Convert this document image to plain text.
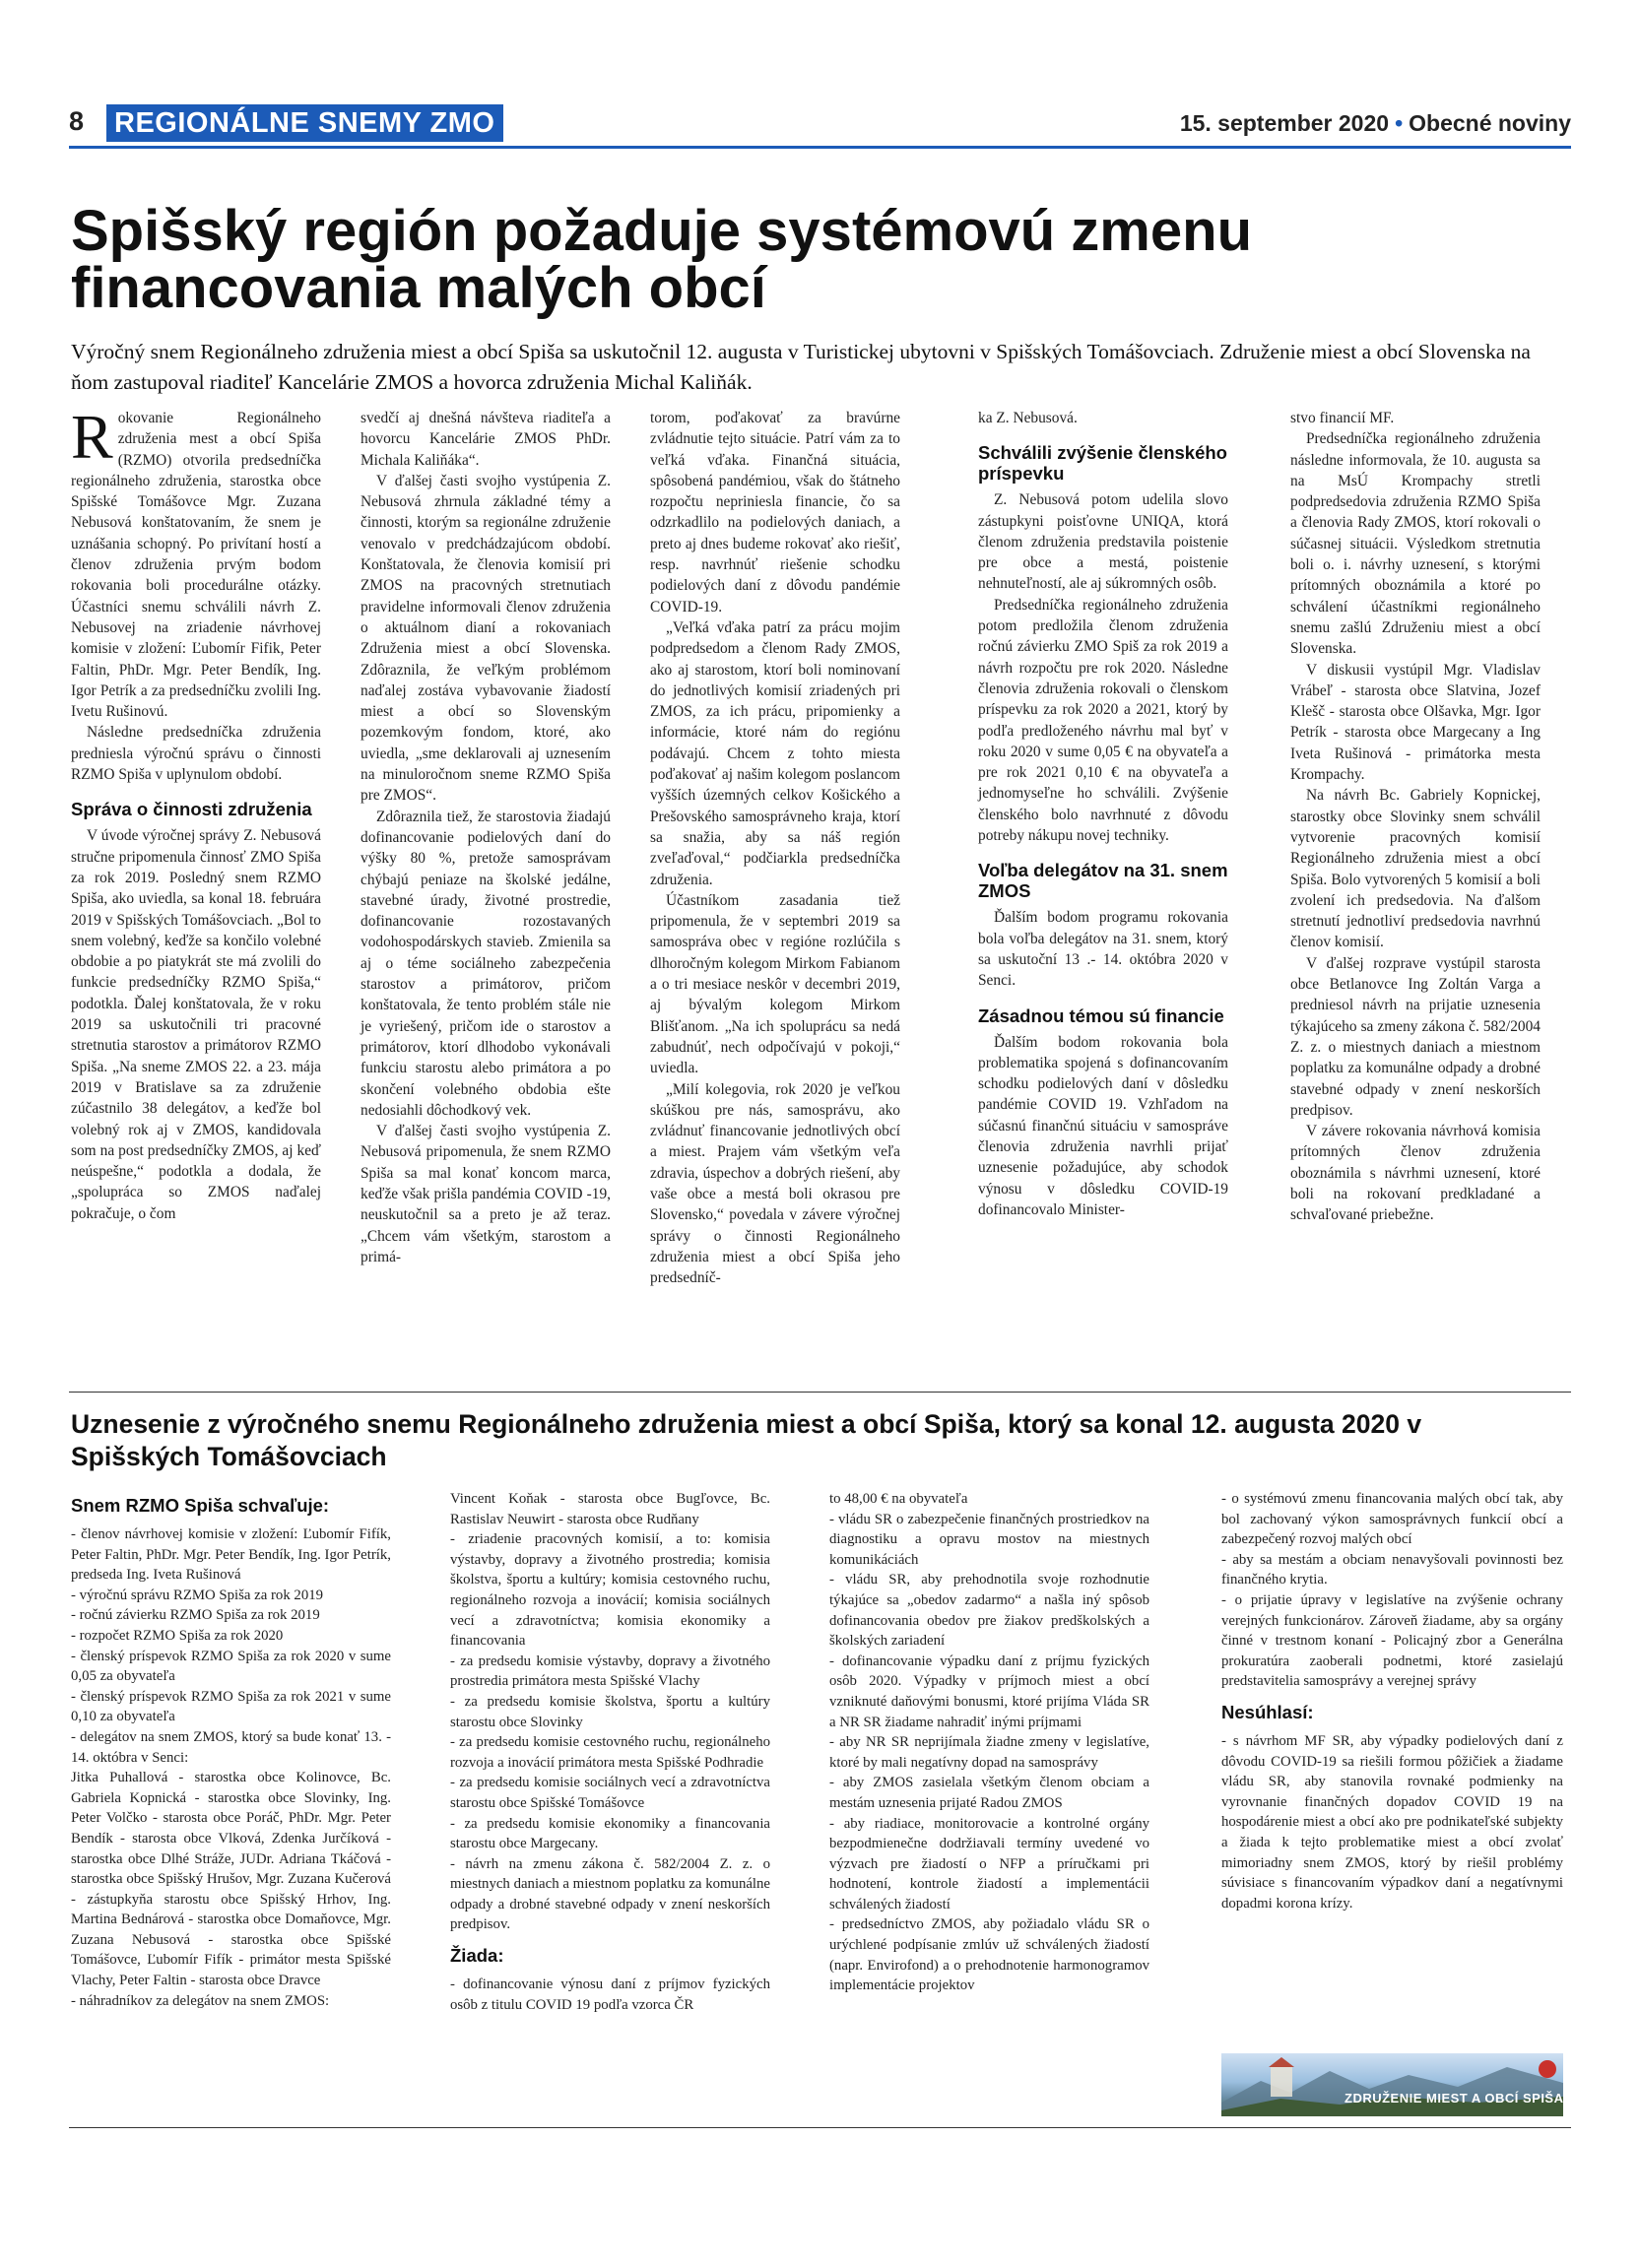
8 REGIONÁLNE SNEMY ZMO	15. september 2020 • Obecné noviny
Spišský región požaduje systémovú zmenu financovania malých obcí
Výročný snem Regionálneho združenia miest a obcí Spiša sa uskutočnil 12. augusta v Turistickej ubytovni v Spišských Tomášovciach. Združenie miest a obcí Slovenska na ňom zastupoval riaditeľ Kancelárie ZMOS a hovorca združenia Michal Kaliňák.

Rokovanie Regionálneho združenia mest a obcí Spiša (RZMO) otvorila predsedníčka regionálneho združenia, starostka obce Spišské Tomášovce Mgr. Zuzana Nebusová konštatovaním, že snem je uznášania schopný. Po privítaní hostí a členov združenia prvým bodom rokovania boli procedurálne otázky. Účastníci snemu schválili návrh Z. Nebusovej na zriadenie návrhovej komisie v zložení: Ľubomír Fifik, Peter Faltin, PhDr. Mgr. Peter Bendík, Ing. Igor Petrík a za predsedníčku zvolili Ing. Ivetu Rušinovú.

Následne predsedníčka združenia predniesla výročnú správu o činnosti RZMO Spiša v uplynulom období.

Správa o činnosti združenia

V úvode výročnej správy Z. Nebusová stručne pripomenula činnosť ZMO Spiša za rok 2019. Posledný snem RZMO Spiša, ako uviedla, sa konal 18. februára 2019 v Spišských Tomášovciach. „Bol to snem volebný, keďže sa končilo volebné obdobie a po piatykrát ste má zvolili do funkcie predsedníčky RZMO Spiša,“ podotkla. Ďalej konštatovala, že v roku 2019 sa uskutočnili tri pracovné stretnutia starostov a primátorov RZMO Spiša. „Na sneme ZMOS 22. a 23. mája 2019 v Bratislave sa za združenie zúčastnilo 38 delegátov, a keďže bol volebný rok aj v ZMOS, kandidovala som na post predsedníčky ZMOS, aj keď neúspešne,“ podotkla a dodala, že „spolupráca so ZMOS naďalej pokračuje, o čom

svedčí aj dnešná návšteva riaditeľa a hovorcu Kancelárie ZMOS PhDr. Michala Kaliňáka“.

V ďalšej časti svojho vystúpenia Z. Nebusová zhrnula základné témy a činnosti, ktorým sa regionálne združenie venovalo v predchádzajúcom období. Konštatovala, že členovia komisií pri ZMOS na pracovných stretnutiach pravidelne informovali členov združenia o aktuálnom dianí a rokovaniach Združenia miest a obcí Slovenska. Zdôraznila, že veľkým problémom naďalej zostáva vybavovanie žiadostí miest a obcí so Slovenským pozemkovým fondom, ktoré, ako uviedla, „sme deklarovali aj uznesením na minuloročnom sneme RZMO Spiša pre ZMOS“.

Zdôraznila tiež, že starostovia žiadajú dofinancovanie podielových daní do výšky 80 %, pretože samosprávam chýbajú peniaze na školské jedálne, stavebné úrady, životné prostredie, dofinancovanie rozostavaných vodohospodárskych stavieb. Zmienila sa aj o téme sociálneho zabezpečenia starostov a primátorov, pričom konštatovala, že tento problém stále nie je vyriešený, pričom ide o starostov a primátorov, ktorí dlhodobo vykonávali funkciu starostu alebo primátora a po skončení volebného obdobia ešte nedosiahli dôchodkový vek.

V ďalšej časti svojho vystúpenia Z. Nebusová pripomenula, že snem RZMO Spiša sa mal konať koncom marca, keďže však prišla pandémia COVID -19, neuskutočnil sa a preto je až teraz. „Chcem vám všetkým, starostom a primá-

torom, poďakovať za bravúrne zvládnutie tejto situácie. Patrí vám za to veľká vďaka. Finančná situácia, spôsobená pandémiou, však do štátneho rozpočtu nepriniesla financie, čo sa odzrkadlilo na podielových daniach, a preto aj dnes budeme rokovať ako riešiť, resp. navrhnúť riešenie schodku podielových daní z dôvodu pandémie COVID-19.

„Veľká vďaka patrí za prácu mojim podpredsedom a členom Rady ZMOS, ako aj starostom, ktorí boli nominovaní do jednotlivých komisií zriadených pri ZMOS, za ich prácu, pripomienky a informácie, ktoré nám do regiónu podávajú. Chcem z tohto miesta poďakovať aj našim kolegom poslancom vyšších územných celkov Košického a Prešovského samosprávneho kraja, ktorí sa snažia, aby sa náš región zveľaďoval,“ podčiarkla predsedníčka združenia.

Účastníkom zasadania tiež pripomenula, že v septembri 2019 sa samospráva obec v regióne rozlúčila s dlhoročným kolegom Mirkom Fabianom a o tri mesiace neskôr v decembri 2019, aj bývalým kolegom Mirkom Blišťanom. „Na ich spoluprácu sa nedá zabudnúť, nech odpočívajú v pokoji,“ uviedla.

„Milí kolegovia, rok 2020 je veľkou skúškou pre nás, samosprávu, ako zvládnuť financovanie jednotlivých obcí a miest. Prajem vám všetkým veľa zdravia, úspechov a dobrých riešení, aby vaše obce a mestá boli okrasou pre Slovensko,“ povedala v závere výročnej správy o činnosti Regionálneho združenia miest a obcí Spiša jeho predsedníč-

ka Z. Nebusová.

Schválili zvýšenie členského príspevku

Z. Nebusová potom udelila slovo zástupkyni poisťovne UNIQA, ktorá členom združenia predstavila poistenie pre obce a mestá, poistenie nehnuteľností, ale aj súkromných osôb.

Predsedníčka regionálneho združenia potom predložila členom združenia ročnú závierku ZMO Spiš za rok 2019 a návrh rozpočtu pre rok 2020. Následne členovia združenia rokovali o členskom príspevku za rok 2020 a 2021, ktorý by podľa predloženého návrhu mal byť v roku 2020 v sume 0,05 € na obyvateľa a pre rok 2021 0,10 € na obyvateľa a jednomyseľne ho schválili. Zvýšenie členského bolo navrhnuté z dôvodu potreby nákupu novej techniky.

Voľba delegátov na 31. snem ZMOS

Ďalším bodom programu rokovania bola voľba delegátov na 31. snem, ktorý sa uskutoční 13 .- 14. októbra 2020 v Senci.

Zásadnou témou sú financie

Ďalším bodom rokovania bola problematika spojená s dofinancovaním schodku podielových daní v dôsledku pandémie COVID 19. Vzhľadom na súčasnú finančnú situáciu v samospráve členovia združenia navrhli prijať uznesenie požadujúce, aby schodok výnosu v dôsledku COVID-19 dofinancovalo Minister-

stvo financií MF.

Predsedníčka regionálneho združenia následne informovala, že 10. augusta sa na MsÚ Krompachy stretli podpredsedovia združenia RZMO Spiša a členovia Rady ZMOS, ktorí rokovali o súčasnej situácii. Výsledkom stretnutia boli o. i. návrhy uznesení, s ktorými prítomných oboznámila a ktoré po schválení účastníkmi regionálneho snemu zašlú Združeniu miest a obcí Slovenska.

V diskusii vystúpil Mgr. Vladislav Vrábeľ - starosta obce Slatvina, Jozef Klešč - starosta obce Olšavka, Mgr. Igor Petrík - starosta obce Margecany a Ing Iveta Rušinová - primátorka mesta Krompachy.

Na návrh Bc. Gabriely Kopnickej, starostky obce Slovinky snem schválil vytvorenie pracovných komisií Regionálneho združenia miest a obcí Spiša. Bolo vytvorených 5 komisií a boli zvolení ich predsedovia. Na ďalšom stretnutí jednotliví predsedovia navrhnú členov komisií.

V ďalšej rozprave vystúpil starosta obce Betlanovce Ing Zoltán Varga a predniesol návrh na prijatie uznesenia týkajúceho sa zmeny zákona č. 582/2004 Z. z. o miestnych daniach a miestnom poplatku za komunálne odpady a drobné stavebné odpady v znení neskorších predpisov.

V závere rokovania návrhová komisia prítomných členov združenia oboznámila s návrhmi uznesení, ktoré boli na rokovaní predkladané a schvaľované priebežne.

Uznesenie z výročného snemu Regionálneho združenia miest a obcí Spiša, ktorý sa konal 12. augusta 2020 v Spišských Tomášovciach
Snem RZMO Spiša schvaľuje:

- členov návrhovej komisie v zložení: Ľubomír Fifík, Peter Faltin, PhDr. Mgr. Peter Bendík, Ing. Igor Petrík, predseda Ing. Iveta Rušinová

- výročnú správu RZMO Spiša za rok 2019

- ročnú závierku RZMO Spiša za rok 2019

- rozpočet RZMO Spiša za rok 2020

- členský príspevok RZMO Spiša za rok 2020 v sume 0,05 za obyvateľa

- členský príspevok RZMO Spiša za rok 2021 v sume 0,10 za obyvateľa

- delegátov na snem ZMOS, ktorý sa bude konať 13. - 14. októbra v Senci:

Jitka Puhallová - starostka obce Kolinovce, Bc. Gabriela Kopnická - starostka obce Slovinky, Ing. Peter Volčko - starosta obce Poráč, PhDr. Mgr. Peter Bendík - starosta obce Vlková, Zdenka Jurčíková - starostka obce Dlhé Stráže, JUDr. Adriana Tkáčová - starostka obce Spišský Hrušov, Mgr. Zuzana Kučerová - zástupkyňa starostu obce Spišský Hrhov, Ing. Martina Bednárová - starostka obce Domaňovce, Mgr. Zuzana Nebusová - starostka obce Spišské Tomášovce, Ľubomír Fifík - primátor mesta Spišské Vlachy, Peter Faltin - starosta obce Dravce

- náhradníkov za delegátov na snem ZMOS:

Vincent Koňak - starosta obce Bugľovce, Bc. Rastislav Neuwirt - starosta obce Rudňany

- zriadenie pracovných komisií, a to: komisia výstavby, dopravy a životného prostredia; komisia školstva, športu a kultúry; komisia cestovného ruchu, regionálneho rozvoja a inovácií; komisia sociálnych vecí a zdravotníctva; komisia ekonomiky a financovania

- za predsedu komisie výstavby, dopravy a životného prostredia primátora mesta Spišské Vlachy

- za predsedu komisie školstva, športu a kultúry starostu obce Slovinky

- za predsedu komisie cestovného ruchu, regionálneho rozvoja a inovácií primátora mesta Spišské Podhradie

- za predsedu komisie sociálnych vecí a zdravotníctva starostu obce Spišské Tomášovce

- za predsedu komisie ekonomiky a financovania starostu obce Margecany.

- návrh na zmenu zákona č. 582/2004 Z. z. o miestnych daniach a miestnom poplatku za komunálne odpady a drobné stavebné odpady v znení neskorších predpisov.

Žiada:

- dofinancovanie výnosu daní z príjmov fyzických osôb z titulu COVID 19 podľa vzorca ČR

to 48,00 € na obyvateľa

- vládu SR o zabezpečenie finančných prostriedkov na diagnostiku a opravu mostov na miestnych komunikáciách

- vládu SR, aby prehodnotila svoje rozhodnutie týkajúce sa „obedov zadarmo“ a našla iný spôsob dofinancovania obedov pre žiakov predškolských a školských zariadení

- dofinancovanie výpadku daní z príjmu fyzických osôb 2020. Výpadky v príjmoch miest a obcí vzniknuté daňovými bonusmi, ktoré prijíma Vláda SR a NR SR žiadame nahradiť inými príjmami

- aby NR SR neprijímala žiadne zmeny v legislatíve, ktoré by mali negatívny dopad na samosprávy

- aby ZMOS zasielala všetkým členom obciam a mestám uznesenia prijaté Radou ZMOS

- aby riadiace, monitorovacie a kontrolné orgány bezpodmienečne dodržiavali termíny uvedené vo výzvach pre žiadostí o NFP a príručkami pri hodnotení, kontrole žiadostí a implementácii schválených žiadostí

- predsedníctvo ZMOS, aby požiadalo vládu SR o urýchlené podpísanie zmlúv už schválených žiadostí (napr. Envirofond) a o prehodnotenie harmonogramov implementácie projektov

- o systémovú zmenu financovania malých obcí tak, aby bol zachovaný výkon samosprávnych funkcií obcí a zabezpečený rozvoj malých obcí

- aby sa mestám a obciam nenavyšovali povinnosti bez finančného krytia.

- o prijatie úpravy v legislatíve na zvýšenie ochrany verejných funkcionárov. Zároveň žiadame, aby sa orgány činné v trestnom konaní - Policajný zbor a Generálna prokuratúra zaoberali podnetmi, ktoré zasielajú predstavitelia samosprávy a verejnej správy

Nesúhlasí:

- s návrhom MF SR, aby výpadky podielových daní z dôvodu COVID-19 sa riešili formou pôžičiek a žiadame vládu SR, aby stanovila rovnaké podmienky na vyrovnanie finančných dopadov COVID 19 na hospodárenie miest a obcí ako pre podnikateľské subjekty a žiada k tejto problematike miest a obcí zvolať mimoriadny snem ZMOS, ktorý by riešil problémy súvisiace s financovaním výpadkov daní a negatívnymi dopadmi korona krízy.

ZDRUŽENIE MIEST A OBCÍ SPIŠA
